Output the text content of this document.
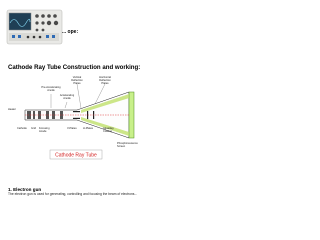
... ope:
Cathode Ray Tube Construction and working:
Vertical Deflection Plates
Horizontal Deflection Plates
Pre-Accelerating Anode
Accelerating Anode
Heater
Cathode Grid Focusing Anode
V-Plates H-Plates	Aquadag Coating
Phosphorescence Screen
Cathode Ray Tube
1. Electron gun
The electron gun is used for generating, controlling and focusing the beam of electrons...
